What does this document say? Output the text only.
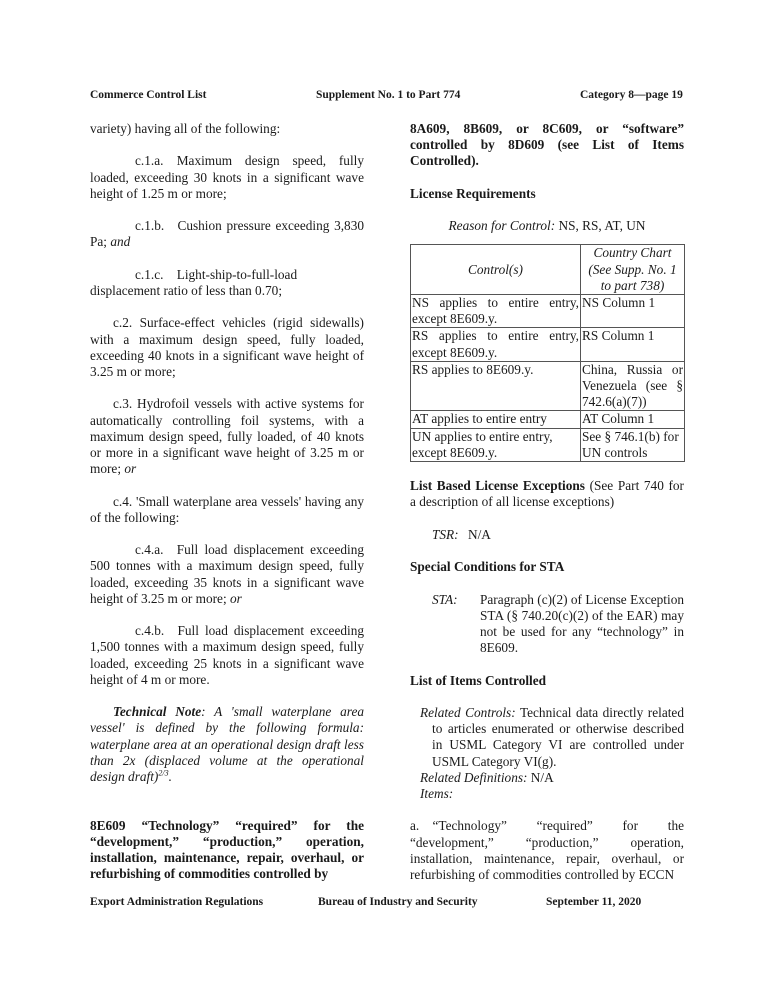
Commerce Control List	Supplement No. 1 to Part 774	Category 8—page 19

variety) having all of the following:

c.1.a. Maximum design speed, fully loaded, exceeding 30 knots in a significant wave height of 1.25 m or more;

c.1.b. Cushion pressure exceeding 3,830 Pa; and

c.1.c. Light-ship-to-full-load displacement ratio of less than 0.70;

c.2. Surface-effect vehicles (rigid sidewalls) with a maximum design speed, fully loaded, exceeding 40 knots in a significant wave height of 3.25 m or more;

c.3. Hydrofoil vessels with active systems for automatically controlling foil systems, with a maximum design speed, fully loaded, of 40 knots or more in a significant wave height of 3.25 m or more; or

c.4. 'Small waterplane area vessels' having any of the following:

c.4.a. Full load displacement exceeding 500 tonnes with a maximum design speed, fully loaded, exceeding 35 knots in a significant wave height of 3.25 m or more; or

c.4.b. Full load displacement exceeding 1,500 tonnes with a maximum design speed, fully loaded, exceeding 25 knots in a significant wave height of 4 m or more.

Technical Note: A 'small waterplane area vessel' is defined by the following formula: waterplane area at an operational design draft less than 2x (displaced volume at the operational design draft)$^{2/3}$.

8E609 “Technology” “required” for the “development,” “production,” operation, installation, maintenance, repair, overhaul, or refurbishing of commodities controlled by

8A609, 8B609, or 8C609, or “software” controlled by 8D609 (see List of Items Controlled).

License Requirements

Reason for Control: NS, RS, AT, UN

Control(s)	Country Chart (See Supp. No. 1 to part 738)
NS applies to entire entry, except 8E609.y.	NS Column 1
RS applies to entire entry, except 8E609.y.	RS Column 1
RS applies to 8E609.y.	China, Russia or Venezuela (see § 742.6(a)(7))
AT applies to entire entry	AT Column 1
UN applies to entire entry, except 8E609.y.	See § 746.1(b) for UN controls

List Based License Exceptions (See Part 740 for a description of all license exceptions)

TSR: N/A

Special Conditions for STA

STA:	Paragraph (c)(2) of License Exception STA (§ 740.20(c)(2) of the EAR) may not be used for any “technology” in 8E609.

List of Items Controlled

Related Controls: Technical data directly related to articles enumerated or otherwise described in USML Category VI are controlled under USML Category VI(g).

Related Definitions: N/A

Items:

a. “Technology” “required” for the “development,” “production,” operation, installation, maintenance, repair, overhaul, or refurbishing of commodities controlled by ECCN

Export Administration Regulations	Bureau of Industry and Security	September 11, 2020
